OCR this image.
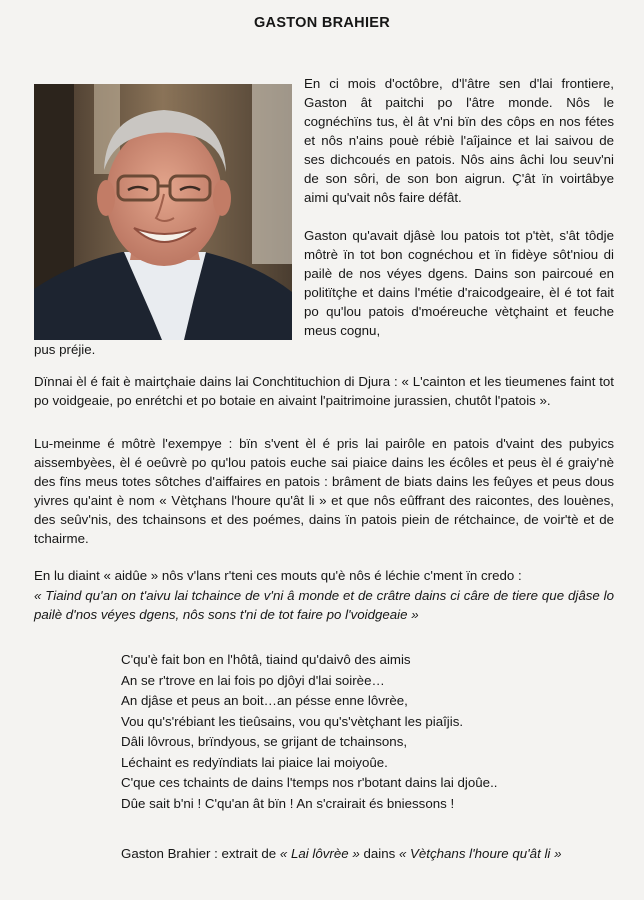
GASTON BRAHIER

En ci mois d'octôbre, d'l'âtre sen d'lai frontiere, Gaston ât paitchi po l'âtre monde. Nôs le cognéchïns tus, èl ât v'ni bïn des côps en nos fétes et nôs n'ains pouè rébiè l'aîjaince et lai saivou de ses dichcoués en patois. Nôs ains âchi lou seuv'ni de son sôri, de son bon aigrun. Ç'ât ïn voirtâbye aimi qu'vait nôs faire défât.

Gaston qu'avait djâsè lou patois tot p'tèt, s'ât tôdje môtrè ïn tot bon cognéchou et ïn fidèye sôt'niou di pailè de nos véyes dgens. Dains son paircoué en politïtçhe et dains l'métie d'raicodgeaire, èl é tot fait po qu'lou patois d'moéreuche vètçhaint et feuche meus cognu,

pus préjie.

Dïnnai èl é fait è mairtçhaie dains lai Conchtituchion di Djura : « L'cainton et les tieumenes faint tot po voidgeaie, po enrétchi et po botaie en aivaint l'paitrimoine jurassien, chutôt l'patois ».

Lu-meinme é môtrè l'exempye : bïn s'vent èl é pris lai pairôle en patois d'vaint des pubyics aissembyèes, èl é oeûvrè po qu'lou patois euche sai piaice dains les écôles et peus èl é graiy'nè des fïns meus totes sôtches d'aiffaires en patois : brâment de biats dains les feûyes et peus dous yivres qu'aint è nom « Vètçhans l'houre qu'ât li » et que nôs eûffrant des raicontes, des louènes, des seûv'nis, des tchainsons et des poémes, dains ïn patois piein de rétchaince, de voir'tè et de tchairme.

En lu diaint « aidûe » nôs v'lans r'teni ces mouts qu'è nôs é léchie c'ment ïn credo :

« Tiaind qu'an on t'aivu lai tchaince de v'ni â monde et de crâtre dains ci câre de tiere que djâse lo pailè d'nos véyes dgens, nôs sons t'ni de tot faire po l'voidgeaie »

C'qu'è fait bon en l'hôtâ, tiaind qu'daivô des aimis
An se r'trove en lai fois po djôyi d'lai soirèe…
An djâse et peus an boit…an pésse enne lôvrèe,
Vou qu's'rébiant les tieûsains, vou qu's'vètçhant les piaîjis.
Dâli lôvrous, brïndyous, se grijant de tchainsons,
Léchaint es redyïndiats lai piaice lai moiyoûe.
C'que ces tchaints de dains l'temps nos r'botant dains lai djoûe..
Dûe sait b'ni ! C'qu'an ât bïn ! An s'crairait és bniessons !
Gaston Brahier : extrait de « Lai lôvrèe » dains « Vètçhans l'houre qu'ât li »
